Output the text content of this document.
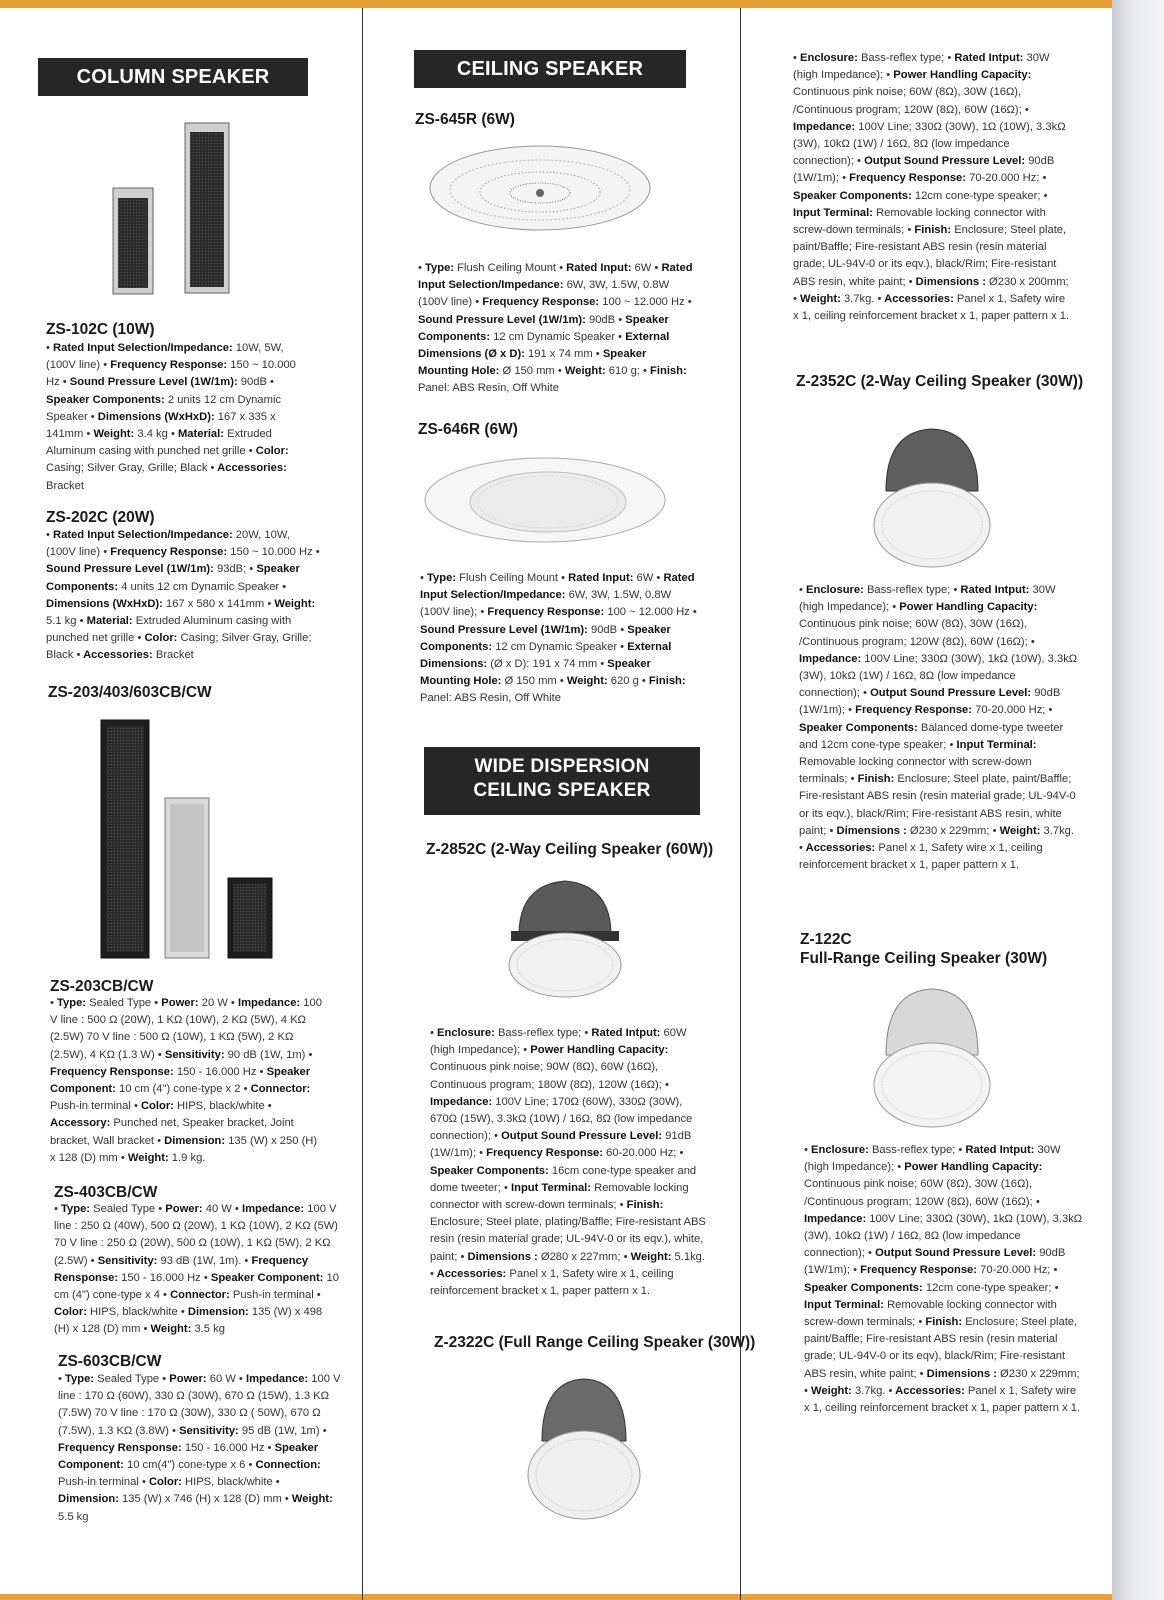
COLUMN SPEAKER
ZS-102C (10W)
• Rated Input Selection/Impedance: 10W, 5W, (100V line) • Frequency Response: 150 ~ 10.000 Hz • Sound Pressure Level (1W/1m): 90dB • Speaker Components: 2 units 12 cm Dynamic Speaker • Dimensions (WxHxD): 167 x 335 x 141mm • Weight: 3.4 kg • Material: Extruded Aluminum casing with punched net grille • Color: Casing; Silver Gray, Grille; Black • Accessories: Bracket
ZS-202C (20W)
• Rated Input Selection/Impedance: 20W, 10W, (100V line) • Frequency Response: 150 ~ 10.000 Hz • Sound Pressure Level (1W/1m): 93dB; • Speaker Components: 4 units 12 cm Dynamic Speaker • Dimensions (WxHxD): 167 x 580 x 141mm • Weight: 5.1 kg • Material: Extruded Aluminum casing with punched net grille • Color: Casing; Silver Gray, Grille; Black • Accessories: Bracket
ZS-203/403/603CB/CW
ZS-203CB/CW
• Type: Sealed Type • Power: 20 W • Impedance: 100 V line : 500 Ω (20W), 1 KΩ (10W), 2 KΩ (5W), 4 KΩ (2.5W) 70 V line : 500 Ω (10W), 1 KΩ (5W), 2 KΩ (2.5W), 4 KΩ (1.3 W) • Sensitivity: 90 dB (1W, 1m) • Frequency Rensponse: 150 - 16.000 Hz • Speaker Component: 10 cm (4") cone-type x 2 • Connector: Push-in terminal • Color: HIPS, black/white • Accessory: Punched net, Speaker bracket, Joint bracket, Wall bracket • Dimension: 135 (W) x 250 (H) x 128 (D) mm • Weight: 1.9 kg.
ZS-403CB/CW
• Type: Sealed Type • Power: 40 W • Impedance: 100 V line : 250 Ω (40W), 500 Ω (20W), 1 KΩ (10W), 2 KΩ (5W) 70 V line : 250 Ω (20W), 500 Ω (10W), 1 KΩ (5W), 2 KΩ (2.5W) • Sensitivity: 93 dB (1W, 1m). • Frequency Rensponse: 150 - 16.000 Hz • Speaker Component: 10 cm (4") cone-type x 4 • Connector: Push-in terminal • Color: HIPS, black/white • Dimension: 135 (W) x 498 (H) x 128 (D) mm • Weight: 3.5 kg
ZS-603CB/CW
• Type: Sealed Type • Power: 60 W • Impedance: 100 V line : 170 Ω (60W), 330 Ω (30W), 670 Ω (15W), 1.3 KΩ (7.5W) 70 V line : 170 Ω (30W), 330 Ω ( 50W), 670 Ω (7.5W), 1.3 KΩ (3.8W) • Sensitivity: 95 dB (1W, 1m) • Frequency Rensponse: 150 - 16.000 Hz • Speaker Component: 10 cm(4") cone-type x 6 • Connection: Push-in terminal • Color: HIPS, black/white • Dimension: 135 (W) x 746 (H) x 128 (D) mm • Weight: 5.5 kg
CEILING SPEAKER
ZS-645R (6W)
• Type: Flush Ceiling Mount • Rated Input: 6W • Rated Input Selection/Impedance: 6W, 3W, 1.5W, 0.8W (100V line) • Frequency Response: 100 ~ 12.000 Hz • Sound Pressure Level (1W/1m): 90dB • Speaker Components: 12 cm Dynamic Speaker • External Dimensions (Ø x D): 191 x 74 mm • Speaker Mounting Hole: Ø 150 mm • Weight: 610 g; • Finish: Panel: ABS Resin, Off White
ZS-646R (6W)
• Type: Flush Ceiling Mount • Rated Input: 6W • Rated Input Selection/Impedance: 6W, 3W, 1.5W, 0.8W (100V line); • Frequency Response: 100 ~ 12.000 Hz • Sound Pressure Level (1W/1m): 90dB • Speaker Components: 12 cm Dynamic Speaker • External Dimensions: (Ø x D): 191 x 74 mm • Speaker Mounting Hole: Ø 150 mm • Weight: 620 g • Finish: Panel: ABS Resin, Off White
WIDE DISPERSION
CEILING SPEAKER
Z-2852C (2-Way Ceiling Speaker (60W))
• Enclosure: Bass-reflex type; • Rated Intput: 60W (high Impedance); • Power Handling Capacity: Continuous pink noise; 90W (8Ω), 60W (16Ω), Continuous program; 180W (8Ω), 120W (16Ω); • Impedance: 100V Line; 170Ω (60W), 330Ω (30W), 670Ω (15W), 3.3kΩ (10W) / 16Ω, 8Ω (low impedance connection); • Output Sound Pressure Level: 91dB (1W/1m); • Frequency Response: 60-20.000 Hz; • Speaker Components: 16cm cone-type speaker and dome tweeter; • Input Terminal: Removable locking connector with screw-down terminals; • Finish: Enclosure; Steel plate, plating/Baffle; Fire-resistant ABS resin (resin material grade; UL-94V-0 or its eqv.), white, paint; • Dimensions : Ø280 x 227mm; • Weight: 5.1kg. • Accessories: Panel x 1, Safety wire x 1, ceiling reinforcement bracket x 1, paper pattern x 1.
Z-2322C (Full Range Ceiling Speaker (30W))
• Enclosure: Bass-reflex type; • Rated Intput: 30W (high Impedance); • Power Handling Capacity: Continuous pink noise; 60W (8Ω), 30W (16Ω), /Continuous program; 120W (8Ω), 60W (16Ω); • Impedance: 100V Line; 330Ω (30W), 1Ω (10W), 3.3kΩ (3W), 10kΩ (1W) / 16Ω, 8Ω (low impedance connection); • Output Sound Pressure Level: 90dB (1W/1m); • Frequency Response: 70-20.000 Hz; • Speaker Components: 12cm cone-type speaker; • Input Terminal: Removable locking connector with screw-down terminals; • Finish: Enclosure; Steel plate, paint/Baffle; Fire-resistant ABS resin (resin material grade; UL-94V-0 or its eqv.), black/Rim; Fire-resistant ABS resin, white paint; • Dimensions : Ø230 x 200mm; • Weight: 3.7kg. • Accessories: Panel x 1, Safety wire x 1, ceiling reinforcement bracket x 1, paper pattern x 1.
Z-2352C (2-Way Ceiling Speaker (30W))
• Enclosure: Bass-reflex type; • Rated Intput: 30W (high Impedance); • Power Handling Capacity: Continuous pink noise; 60W (8Ω), 30W (16Ω), /Continuous program; 120W (8Ω), 60W (16Ω); • Impedance: 100V Line; 330Ω (30W), 1kΩ (10W), 3.3kΩ (3W), 10kΩ (1W) / 16Ω, 8Ω (low impedance connection); • Output Sound Pressure Level: 90dB (1W/1m); • Frequency Response: 70-20.000 Hz; • Speaker Components: Balanced dome-type tweeter and 12cm cone-type speaker; • Input Terminal: Removable locking connector with screw-down terminals; • Finish: Enclosure; Steel plate, paint/Baffle; Fire-resistant ABS resin (resin material grade; UL-94V-0 or its eqv.), black/Rim; Fire-resistant ABS resin, white paint; • Dimensions : Ø230 x 229mm; • Weight: 3.7kg. • Accessories: Panel x 1, Safety wire x 1, ceiling reinforcement bracket x 1, paper pattern x 1.
Z-122C
Full-Range Ceiling Speaker (30W)
• Enclosure: Bass-reflex type; • Rated Intput: 30W (high Impedance); • Power Handling Capacity: Continuous pink noise; 60W (8Ω), 30W (16Ω), /Continuous program; 120W (8Ω), 60W (16Ω); • Impedance: 100V Line; 330Ω (30W), 1kΩ (10W), 3.3kΩ (3W), 10kΩ (1W) / 16Ω, 8Ω (low impedance connection); • Output Sound Pressure Level: 90dB (1W/1m); • Frequency Response: 70-20.000 Hz; • Speaker Components: 12cm cone-type speaker; • Input Terminal: Removable locking connector with screw-down terminals; • Finish: Enclosure; Steel plate, paint/Baffle; Fire-resistant ABS resin (resin material grade; UL-94V-0 or its eqv), black/Rim; Fire-resistant ABS resin, white paint; • Dimensions : Ø230 x 229mm; • Weight: 3.7kg. • Accessories: Panel x 1, Safety wire x 1, ceiling reinforcement bracket x 1, paper pattern x 1.
